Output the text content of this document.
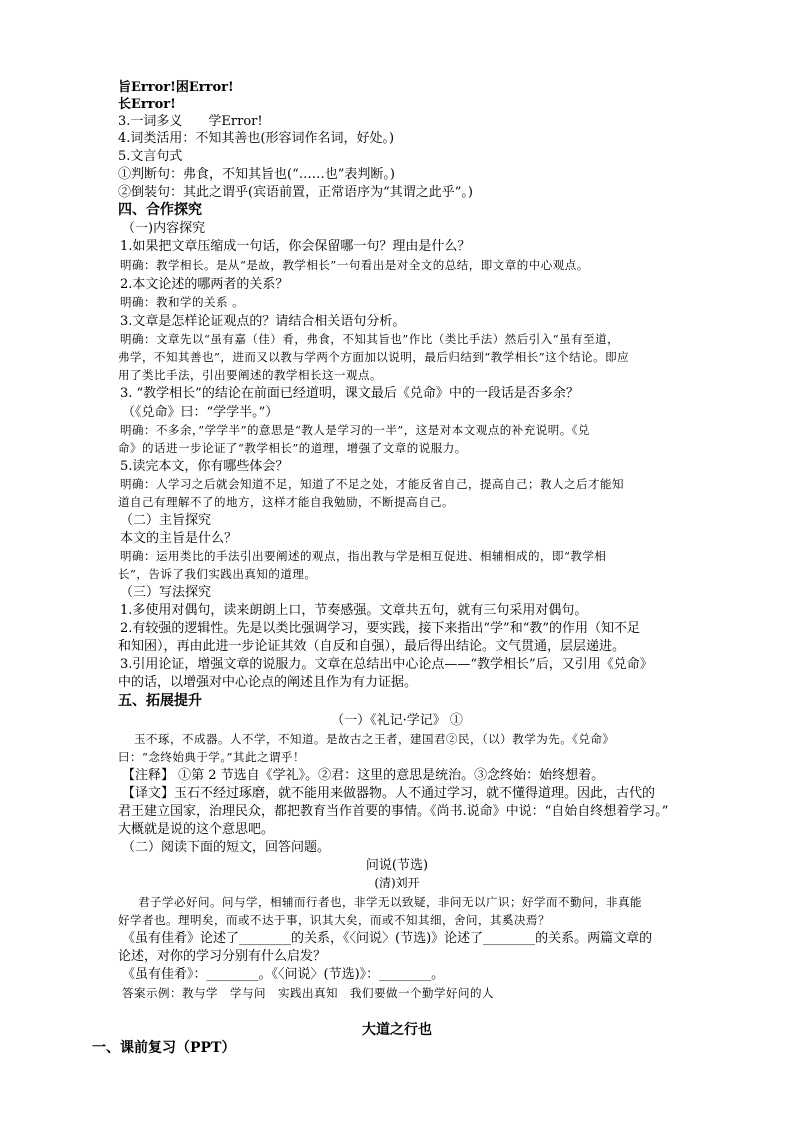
旨Error!困Error!
长Error!
3.一词多义　　学Error!
4.词类活用：不知其善也(形容词作名词，好处。)
5.文言句式
①判断句：弗食，不知其旨也(“……也”表判断。)
②倒装句：其此之谓乎(宾语前置，正常语序为“其谓之此乎”。)
四、合作探究
（一)内容探究
1.如果把文章压缩成一句话，你会保留哪一句？理由是什么？
明确：教学相长。是从“是故，教学相长”一句看出是对全文的总结，即文章的中心观点。
2.本文论述的哪两者的关系？
明确：教和学的关系 。
3.文章是怎样论证观点的？请结合相关语句分析。
明确：文章先以“虽有嘉（佳）肴，弗食，不知其旨也”作比（类比手法）然后引入“虽有至道，
弗学，不知其善也”，进而又以教与学两个方面加以说明，最后归结到“教学相长”这个结论。即应
用了类比手法，引出要阐述的教学相长这一观点。
3. “教学相长”的结论在前面已经道明，课文最后《兑命》中的一段话是否多余？
（《兑命》曰：“学学半。”）
明确：不多余，”学学半”的意思是“教人是学习的一半”，这是对本文观点的补充说明。《兑
命》的话进一步论证了“教学相长”的道理，增强了文章的说服力。
5.读完本文，你有哪些体会？
明确：人学习之后就会知道不足，知道了不足之处，才能反省自己，提高自己；教人之后才能知
道自己有理解不了的地方，这样才能自我勉励，不断提高自己。
（二）主旨探究
本文的主旨是什么？
明确：运用类比的手法引出要阐述的观点，指出教与学是相互促进、相辅相成的，即“教学相
长”，告诉了我们实践出真知的道理。
（三）写法探究
1.多使用对偶句，读来朗朗上口，节奏感强。文章共五句，就有三句采用对偶句。
2.有较强的逻辑性。先是以类比强调学习，要实践，接下来指出“学”和“教”的作用（知不足
和知困），再由此进一步论证其效（自反和自强），最后得出结论。文气贯通，层层递进。
3.引用论证，增强文章的说服力。文章在总结出中心论点——“教学相长”后，又引用《兑命》
中的话，以增强对中心论点的阐述且作为有力证据。
五、拓展提升
（一）《礼记·学记》 ①
玉不琢，不成器。人不学，不知道。是故古之王者，建国君②民，（以）教学为先。《兑命》
曰：“念终始典于学。”其此之谓乎！
【注释】 ①第 2 节选自《学礼》。②君：这里的意思是统治。③念终始：始终想着。
【译文】玉石不经过琢磨，就不能用来做器物。人不通过学习，就不懂得道理。因此，古代的
君王建立国家，治理民众，都把教育当作首要的事情。《尚书.说命》中说：“自始自终想着学习。”
大概就是说的这个意思吧。
（二）阅读下面的短文，回答问题。
问说(节选)
(清)刘开
君子学必好问。问与学，相辅而行者也，非学无以致疑，非问无以广识；好学而不勤问，非真能
好学者也。理明矣，而或不达于事，识其大矣，而或不知其细，舍问，其奚决焉？
《虽有佳肴》论述了________的关系，《〈问说〉(节选)》论述了________的关系。两篇文章的
论述，对你的学习分别有什么启发？
《虽有佳肴》：________。《〈问说〉(节选)》：________。
答案示例：教与学　学与问　实践出真知　我们要做一个勤学好问的人
大道之行也
一、课前复习（PPT）
